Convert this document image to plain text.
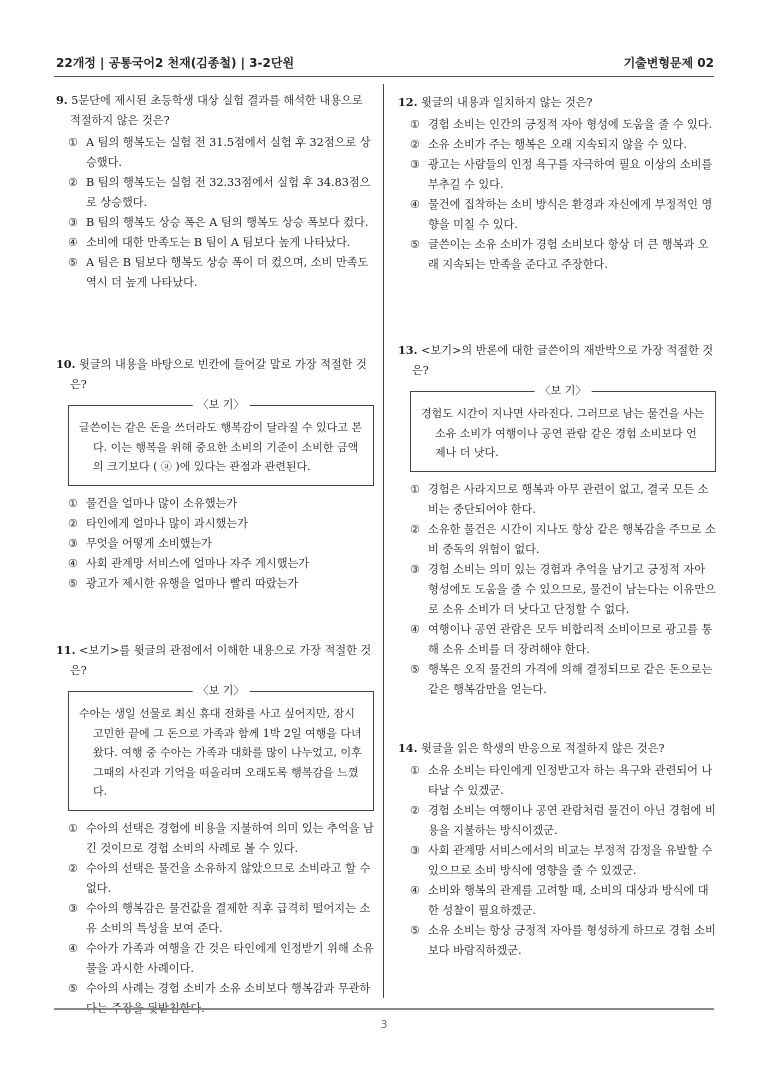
22개정 | 공통국어2 천재(김종철) | 3-2단원	기출변형문제 02

9. 5문단에 제시된 초등학생 대상 실험 결과를 해석한 내용으로 적절하지 않은 것은?

① A 팀의 행복도는 실험 전 31.5점에서 실험 후 32점으로 상승했다.
② B 팀의 행복도는 실험 전 32.33점에서 실험 후 34.83점으로 상승했다.
③ B 팀의 행복도 상승 폭은 A 팀의 행복도 상승 폭보다 컸다.
④ 소비에 대한 만족도는 B 팀이 A 팀보다 높게 나타났다.
⑤ A 팀은 B 팀보다 행복도 상승 폭이 더 컸으며, 소비 만족도 역시 더 높게 나타났다.

10. 윗글의 내용을 바탕으로 빈칸에 들어갈 말로 가장 적절한 것은?

〈보 기〉

글쓴이는 같은 돈을 쓰더라도 행복감이 달라질 수 있다고 본다. 이는 행복을 위해 중요한 소비의 기준이 소비한 금액의 크기보다 ( ⓐ )에 있다는 관점과 관련된다.

① 물건을 얼마나 많이 소유했는가
② 타인에게 얼마나 많이 과시했는가
③ 무엇을 어떻게 소비했는가
④ 사회 관계망 서비스에 얼마나 자주 게시했는가
⑤ 광고가 제시한 유행을 얼마나 빨리 따랐는가

11. <보기>를 윗글의 관점에서 이해한 내용으로 가장 적절한 것은?

〈보 기〉

수아는 생일 선물로 최신 휴대 전화를 사고 싶어지만, 잠시 고민한 끝에 그 돈으로 가족과 함께 1박 2일 여행을 다녀왔다. 여행 중 수아는 가족과 대화를 많이 나누었고, 이후 그때의 사진과 기억을 떠올리며 오래도록 행복감을 느꼈다.

① 수아의 선택은 경험에 비용을 지불하여 의미 있는 추억을 남긴 것이므로 경험 소비의 사례로 볼 수 있다.
② 수아의 선택은 물건을 소유하지 않았으므로 소비라고 할 수 없다.
③ 수아의 행복감은 물건값을 결제한 직후 급격히 떨어지는 소유 소비의 특성을 보여 준다.
④ 수아가 가족과 여행을 간 것은 타인에게 인정받기 위해 소유물을 과시한 사례이다.
⑤ 수아의 사례는 경험 소비가 소유 소비보다 행복감과 무관하

12. 윗글의 내용과 일치하지 않는 것은?

① 경험 소비는 인간의 긍정적 자아 형성에 도움을 줄 수 있다.
② 소유 소비가 주는 행복은 오래 지속되지 않을 수 있다.
③ 광고는 사람들의 인정 욕구를 자극하여 필요 이상의 소비를 부추길 수 있다.
④ 물건에 집착하는 소비 방식은 환경과 자신에게 부정적인 영향을 미칠 수 있다.
⑤ 글쓴이는 소유 소비가 경험 소비보다 항상 더 큰 행복과 오래 지속되는 만족을 준다고 주장한다.

13. <보기>의 반론에 대한 글쓴이의 재반박으로 가장 적절한 것은?

〈보 기〉

경험도 시간이 지나면 사라진다. 그러므로 남는 물건을 사는 소유 소비가 여행이나 공연 관람 같은 경험 소비보다 언제나 더 낫다.

① 경험은 사라지므로 행복과 아무 관련이 없고, 결국 모든 소비는 중단되어야 한다.
② 소유한 물건은 시간이 지나도 항상 같은 행복감을 주므로 소비 중독의 위험이 없다.
③ 경험 소비는 의미 있는 경험과 추억을 남기고 긍정적 자아 형성에도 도움을 줄 수 있으므로, 물건이 남는다는 이유만으로 소유 소비가 더 낫다고 단정할 수 없다.
④ 여행이나 공연 관람은 모두 비합리적 소비이므로 광고를 통해 소유 소비를 더 장려해야 한다.
⑤ 행복은 오직 물건의 가격에 의해 결정되므로 같은 돈으로는 같은 행복감만을 얻는다.

14. 윗글을 읽은 학생의 반응으로 적절하지 않은 것은?

① 소유 소비는 타인에게 인정받고자 하는 욕구와 관련되어 나타날 수 있겠군.
② 경험 소비는 여행이나 공연 관람처럼 물건이 아닌 경험에 비용을 지불하는 방식이겠군.
③ 사회 관계망 서비스에서의 비교는 부정적 감정을 유발할 수 있으므로 소비 방식에 영향을 줄 수 있겠군.
④ 소비와 행복의 관계를 고려할 때, 소비의 대상과 방식에 대한 성찰이 필요하겠군.
⑤ 소유 소비는 항상 긍정적 자아를 형성하게 하므로 경험 소비보다 바람직하겠군.
3
